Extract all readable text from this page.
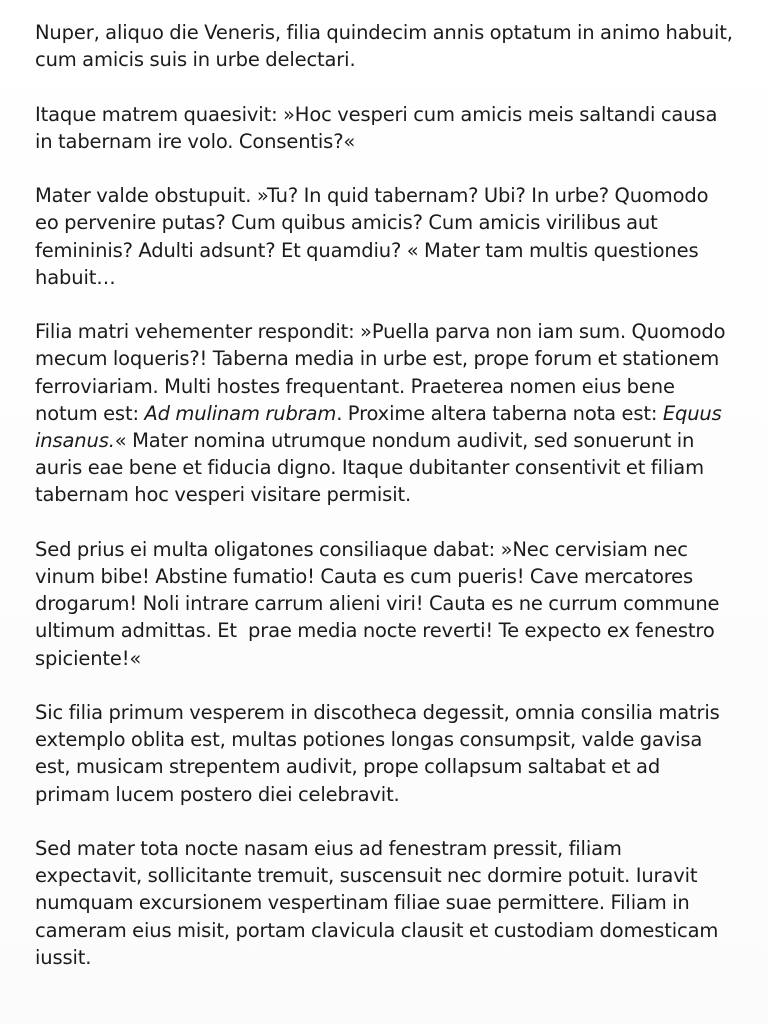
Nuper, aliquo die Veneris, filia quindecim annis optatum in animo habuit, cum amicis suis in urbe delectari.

Itaque matrem quaesivit: »Hoc vesperi cum amicis meis saltandi causa in tabernam ire volo. Consentis?«

Mater valde obstupuit. »Tu? In quid tabernam? Ubi? In urbe? Quomodo eo pervenire putas? Cum quibus amicis? Cum amicis virilibus aut femininis? Adulti adsunt? Et quamdiu? « Mater tam multis questiones habuit…

Filia matri vehementer respondit: »Puella parva non iam sum. Quomodo mecum loqueris?! Taberna media in urbe est, prope forum et stationem ferroviariam. Multi hostes frequentant. Praeterea nomen eius bene notum est: Ad mulinam rubram. Proxime altera taberna nota est: Equus insanus.« Mater nomina utrumque nondum audivit, sed sonuerunt in auris eae bene et fiducia digno. Itaque dubitanter consentivit et filiam tabernam hoc vesperi visitare permisit.

Sed prius ei multa oligatones consiliaque dabat: »Nec cervisiam nec vinum bibe! Abstine fumatio! Cauta es cum pueris! Cave mercatores drogarum! Noli intrare carrum alieni viri! Cauta es ne currum commune ultimum admittas. Et  prae media nocte reverti! Te expecto ex fenestro spiciente!«

Sic filia primum vesperem in discotheca degessit, omnia consilia matris extemplo oblita est, multas potiones longas consumpsit, valde gavisa est, musicam strepentem audivit, prope collapsum saltabat et ad primam lucem postero diei celebravit.

Sed mater tota nocte nasam eius ad fenestram pressit, filiam expectavit, sollicitante tremuit, suscensuit nec dormire potuit. Iuravit numquam excursionem vespertinam filiae suae permittere. Filiam in cameram eius misit, portam clavicula clausit et custodiam domesticam iussit.
